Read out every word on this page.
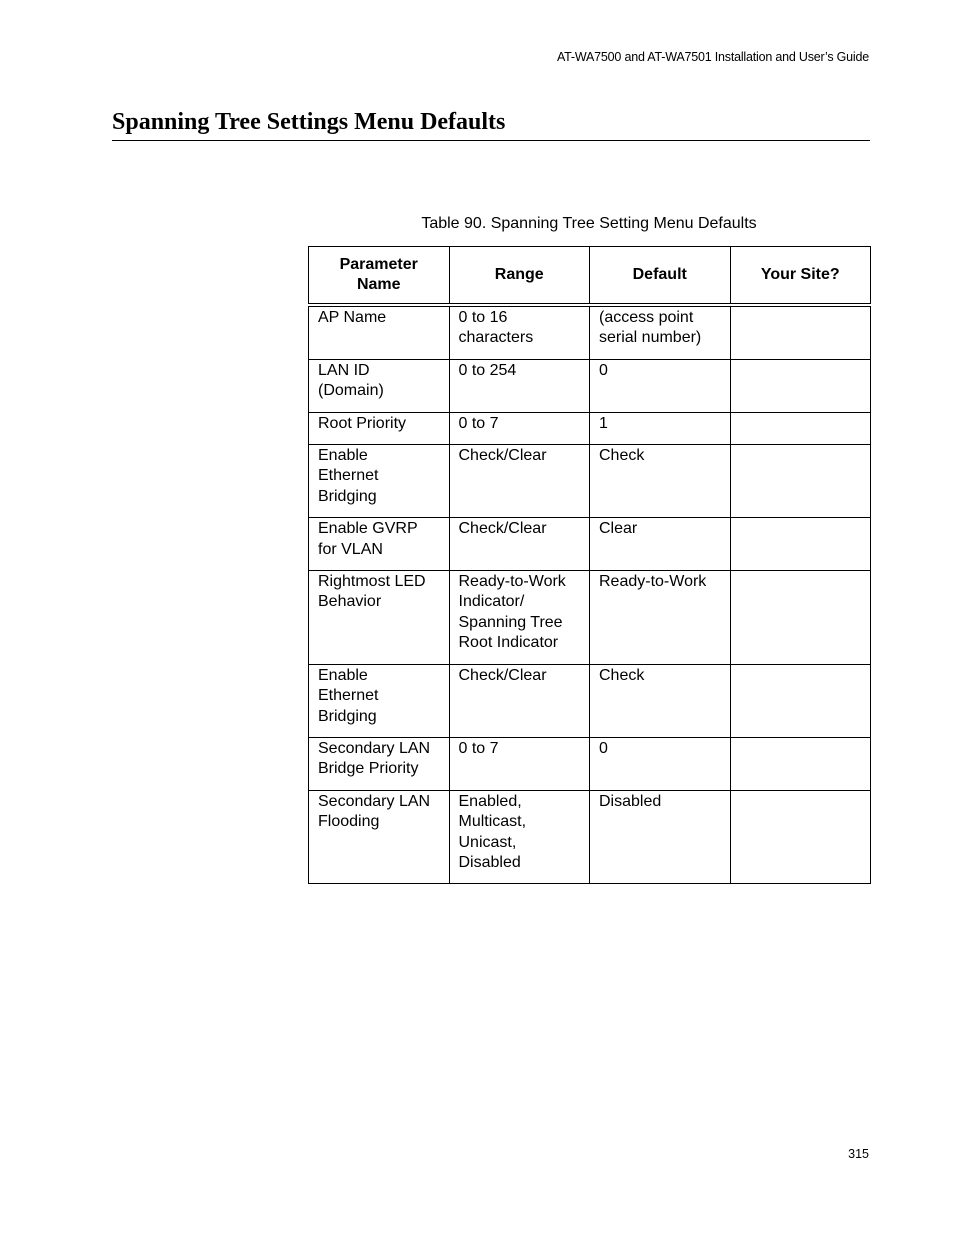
AT-WA7500 and AT-WA7501 Installation and User’s Guide
Spanning Tree Settings Menu Defaults
Table 90. Spanning Tree Setting Menu Defaults
Parameter Name	Range	Default	Your Site?
AP Name	0 to 16 characters	(access point serial number)	
LAN ID (Domain)	0 to 254	0	
Root Priority	0 to 7	1	
Enable Ethernet Bridging	Check/Clear	Check	
Enable GVRP for VLAN	Check/Clear	Clear	
Rightmost LED Behavior	Ready-to-Work Indicator/ Spanning Tree Root Indicator	Ready-to-Work	
Enable Ethernet Bridging	Check/Clear	Check	
Secondary LAN Bridge Priority	0 to 7	0	
Secondary LAN Flooding	Enabled, Multicast, Unicast, Disabled	Disabled	
315
